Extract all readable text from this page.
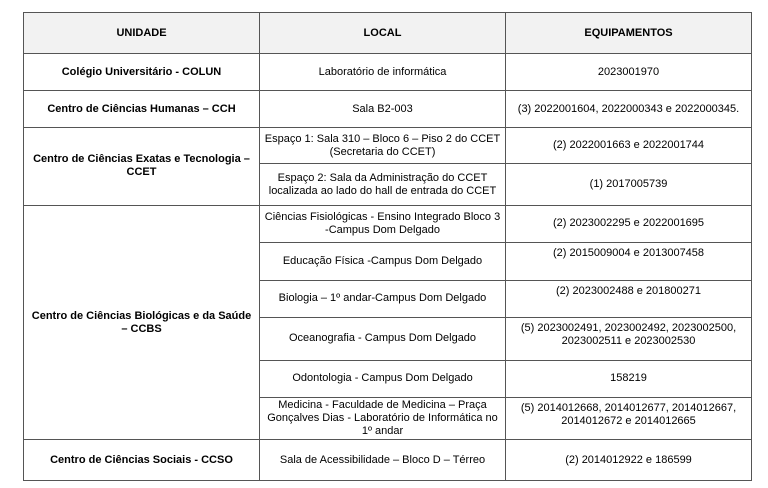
UNIDADE	LOCAL	EQUIPAMENTOS
Colégio Universitário - COLUN	Laboratório de informática	2023001970
Centro de Ciências Humanas – CCH	Sala B2-003	(3) 2022001604, 2022000343 e 2022000345.
Centro de Ciências Exatas e Tecnologia – CCET	Espaço 1: Sala 310 – Bloco 6 – Piso 2 do CCET (Secretaria do CCET)	(2) 2022001663 e 2022001744
	Espaço 2: Sala da Administração do CCET localizada ao lado do hall de entrada do CCET	(1) 2017005739
Centro de Ciências Biológicas e da Saúde – CCBS	Ciências Fisiológicas - Ensino Integrado Bloco 3 -Campus Dom Delgado	(2) 2023002295 e 2022001695
	Educação Física -Campus Dom Delgado	(2) 2015009004 e 2013007458
	Biologia – 1º andar-Campus Dom Delgado	(2) 2023002488 e 201800271
	Oceanografia - Campus Dom Delgado	(5) 2023002491, 2023002492, 2023002500, 2023002511 e 2023002530
	Odontologia - Campus Dom Delgado	158219
	Medicina - Faculdade de Medicina – Praça Gonçalves Dias - Laboratório de Informática no 1º andar	(5) 2014012668, 2014012677, 2014012667, 2014012672 e 2014012665
Centro de Ciências Sociais - CCSO	Sala de Acessibilidade – Bloco D – Térreo	(2) 2014012922 e 186599
